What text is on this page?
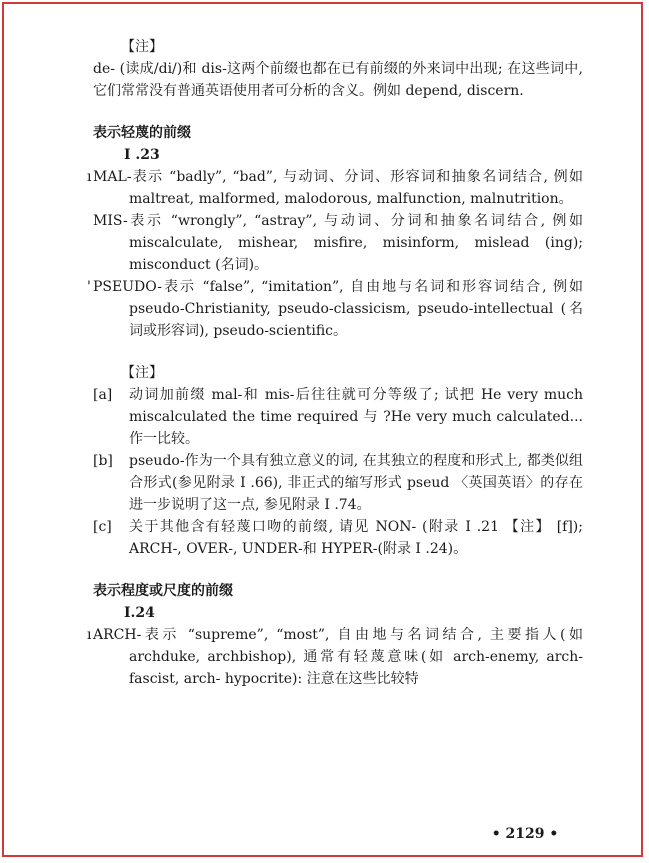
【注】

de- (读成/di/)和 dis-这两个前缀也都在已有前缀的外来词中出现; 在这些词中, 它们常常没有普通英语使用者可分析的含义。例如 depend, discern.

表示轻蔑的前缀

I .23

ı MAL-表示 “badly”, “bad”, 与动词、分词、形容词和抽象名词结合, 例如 maltreat, malformed, malodorous, malfunction, malnutrition。
MIS-表示 “wrongly”, “astray”, 与动词、分词和抽象名词结合, 例如 miscalculate, mishear, misfire, misinform, mislead (ing); misconduct (名词)。
' PSEUDO-表示 “false”, “imitation”, 自由地与名词和形容词结合, 例如 pseudo-Christianity, pseudo-classicism, pseudo-intellectual (名词或形容词), pseudo-scientific。

【注】

[a]	动词加前缀 mal-和 mis-后往往就可分等级了; 试把 He very much miscalculated the time required 与 ?He very much calculated...作一比较。
[b]	pseudo-作为一个具有独立意义的词, 在其独立的程度和形式上, 都类似组合形式(参见附录 I .66), 非正式的缩写形式 pseud 〈英国英语〉的存在进一步说明了这一点, 参见附录 I .74。
[c]	关于其他含有轻蔑口吻的前缀, 请见 NON- (附录 I .21 【注】 [f]); ARCH-, OVER-, UNDER-和 HYPER-(附录 I .24)。

表示程度或尺度的前缀

I.24

ı ARCH-表示 “supreme”, “most”, 自由地与名词结合, 主要指人(如 archduke, archbishop), 通常有轻蔑意味(如 arch-enemy, arch-fascist, arch- hypocrite): 注意在这些比较特
• 2129 •
